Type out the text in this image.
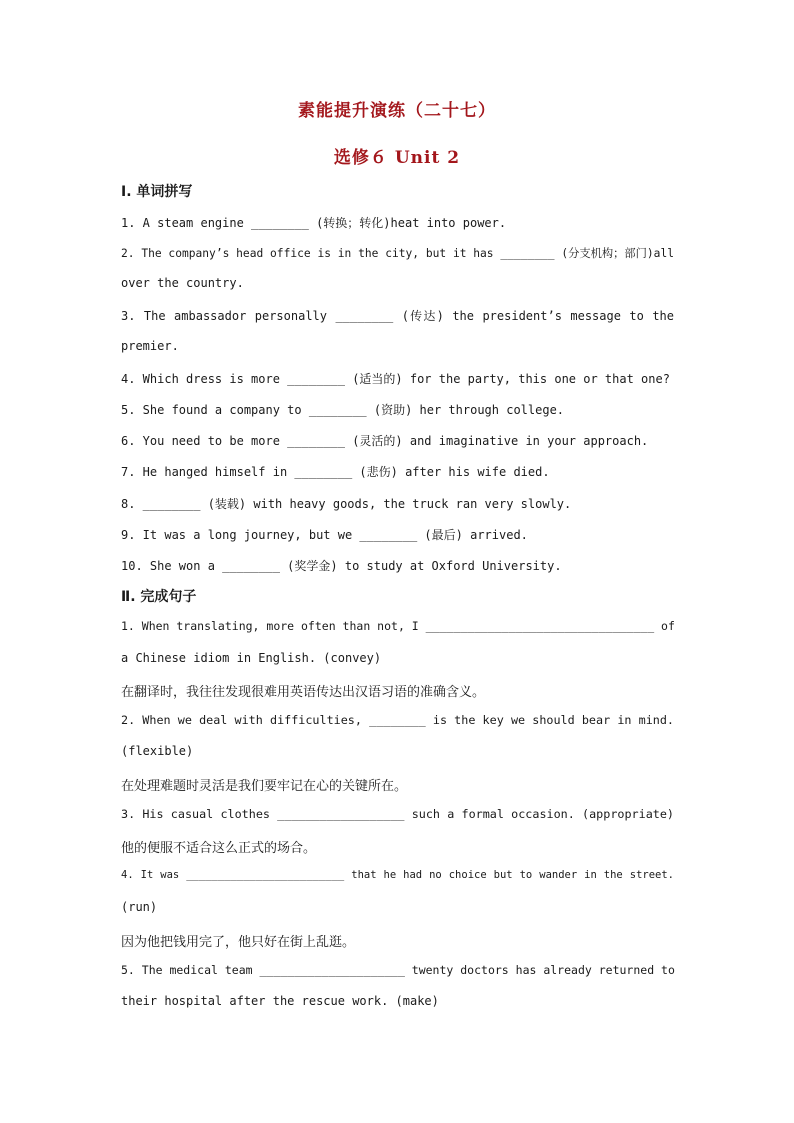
素能提升演练（二十七）
选修６ Unit 2
Ⅰ. 单词拼写
1. A steam engine ________ (转换；转化)heat into power.
2. The company’s head office is in the city, but it has ________ (分支机构；部门)all
over the country.
3. The ambassador personally ________ (传达) the president’s message to the
premier.
4. Which dress is more ________ (适当的) for the party, this one or that one?
5. She found a company to ________ (资助) her through college.
6. You need to be more ________ (灵活的) and imaginative in your approach.
7. He hanged himself in ________ (悲伤) after his wife died.
8. ________ (装载) with heavy goods, the truck ran very slowly.
9. It was a long journey, but we ________ (最后) arrived.
10. She won a ________ (奖学金) to study at Oxford University.
Ⅱ. 完成句子
1. When translating, more often than not, I _________________________________ of
a Chinese idiom in English. (convey)
在翻译时，我往往发现很难用英语传达出汉语习语的准确含义。
2. When we deal with difficulties, ________ is the key we should bear in mind.
(flexible)
在处理难题时灵活是我们要牢记在心的关键所在。
3. His casual clothes __________________ such a formal occasion. (appropriate)
他的便服不适合这么正式的场合。
4. It was _________________________ that he had no choice but to wander in the street.
(run)
因为他把钱用完了，他只好在街上乱逛。
5. The medical team _____________________ twenty doctors has already returned to
their hospital after the rescue work. (make)
